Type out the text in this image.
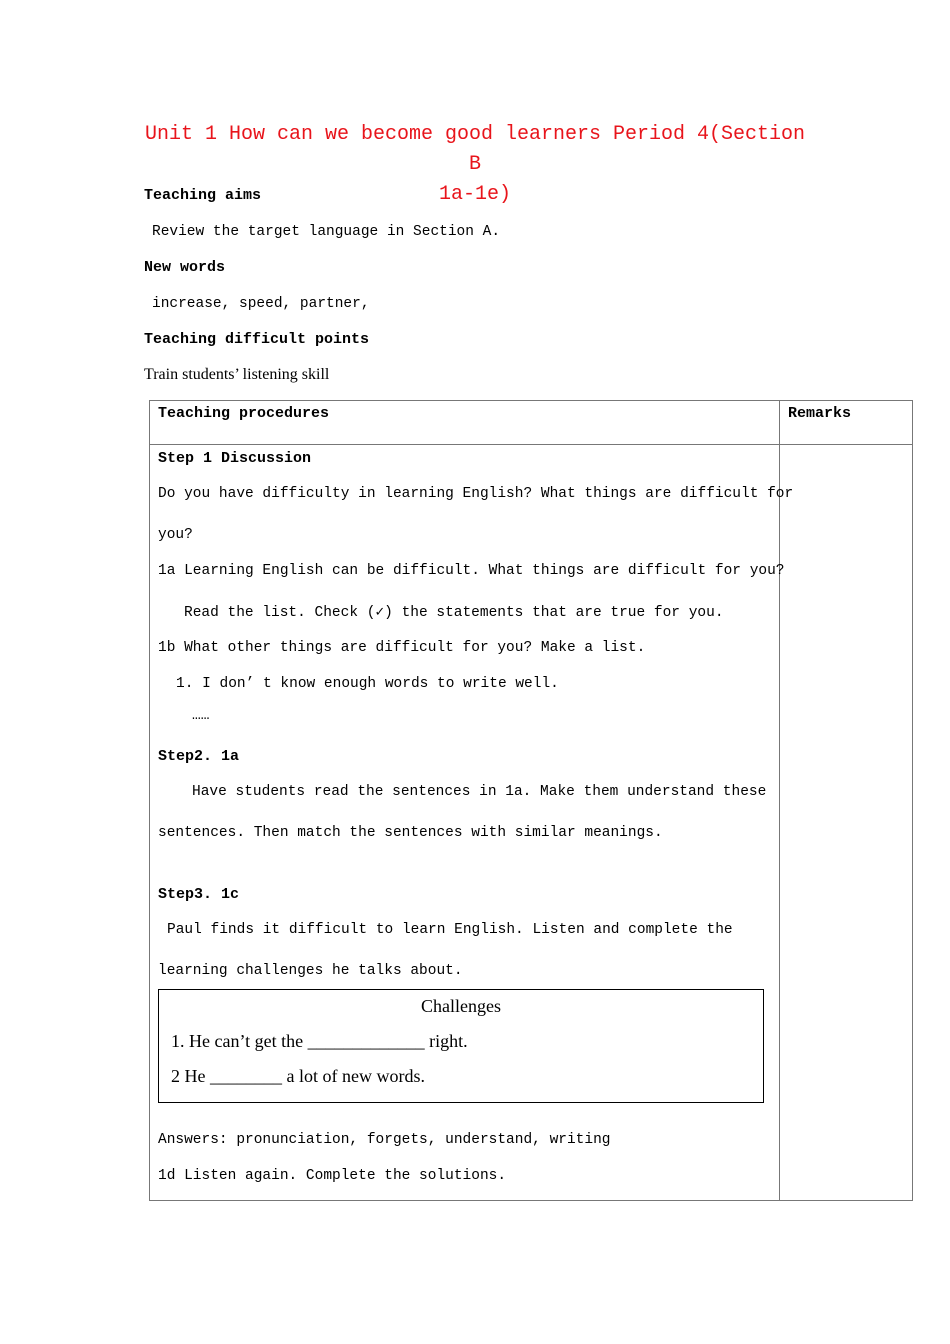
Unit 1 How can we become good learners Period 4(Section B
1a-1e)
Teaching aims
Review the target language in Section A.
New words
increase, speed, partner,
Teaching difficult points
Train students’ listening skill
Teaching procedures	Remarks
Step 1 Discussion
Do you have difficulty in learning English? What things are difficult for
you?
1a Learning English can be difficult. What things are difficult for you?
Read the list. Check (✓) the statements that are true for you.
1b What other things are difficult for you? Make a list.
1. I don’ t know enough words to write well.
……
Step2. 1a
Have students read the sentences in 1a. Make them understand these
sentences. Then match the sentences with similar meanings.
Step3. 1c
Paul finds it difficult to learn English. Listen and complete the
learning challenges he talks about.
Challenges
1. He can’t get the _____________ right.
2 He ________ a lot of new words.
Answers: pronunciation, forgets, understand, writing
1d Listen again. Complete the solutions.
